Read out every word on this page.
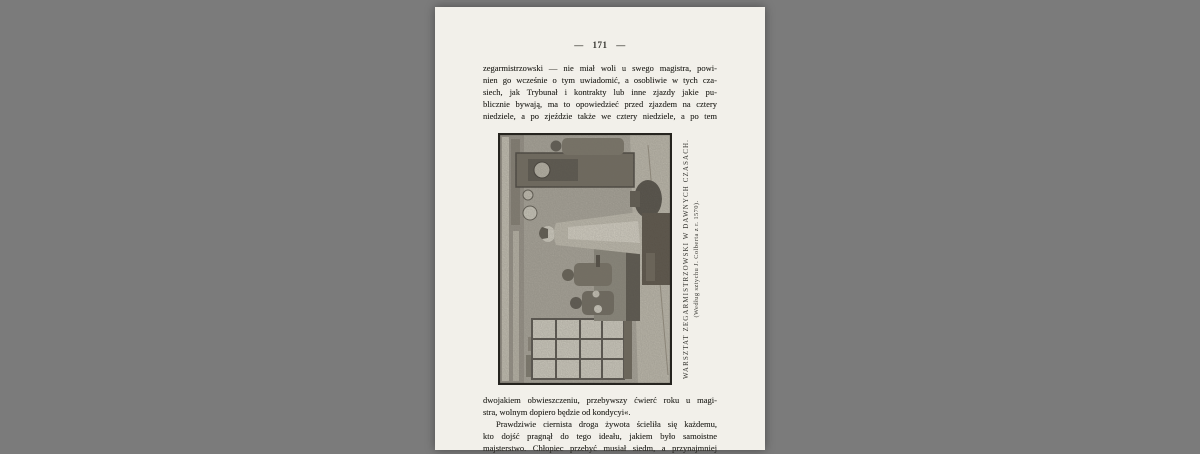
— 171 —
zegarmistrzowski — nie miał woli u swego magistra, powi-
nien go wcześnie o tym uwiadomić, a osobliwie w tych cza-
siech, jak Trybunał i kontrakty lub inne zjazdy jakie pu-
blicznie bywają, ma to opowiedzieć przed zjazdem na cztery
niedziele, a po zjeździe także we cztery niedziele, a po tem
WARSZTAT ZEGARMISTRZOWSKI W DAWNYCH CZASACH. (Według sztychu J. Colberta z r. 1570).
dwojakiem obwieszczeniu, przebywszy ćwierć roku u magi-
stra, wolnym dopiero będzie od kondycyi«.
Prawdziwie ciernista droga żywota ścieliła się każdemu,
kto dojść pragnął do tego ideału, jakiem było samoistne
majsterstwo. Chłopiec przebyć musiał siedm, a przynajmniej
